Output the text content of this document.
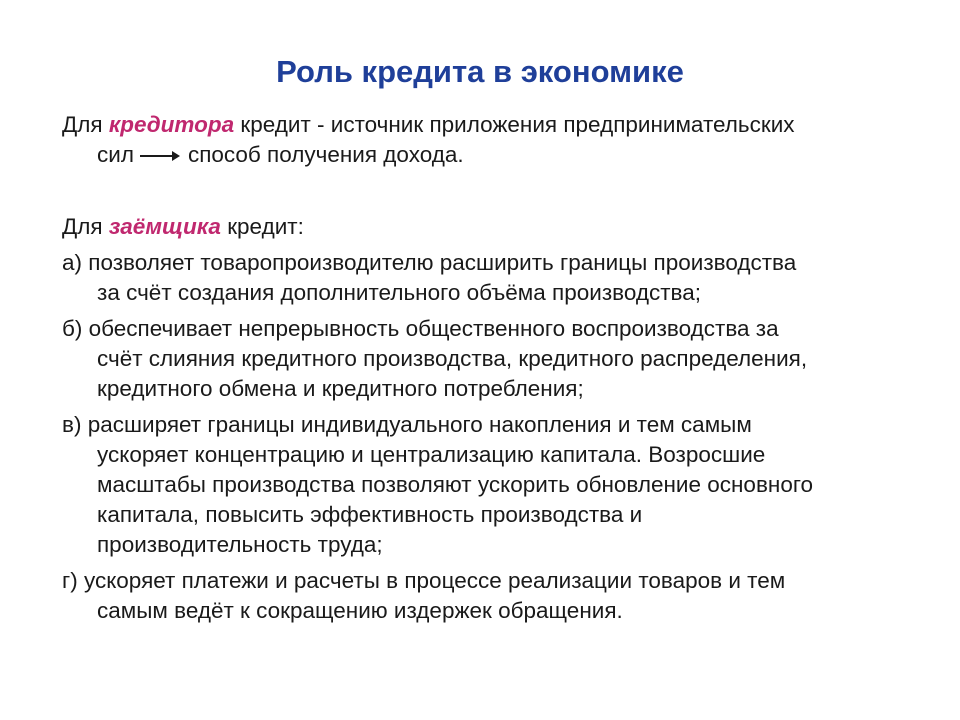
Роль кредита в экономике
Для кредитора кредит - источник приложения предпринимательских
сил способ получения дохода.
Для заёмщика кредит:
а) позволяет товаропроизводителю расширить границы производства
за счёт создания дополнительного объёма производства;
б) обеспечивает непрерывность общественного воспроизводства за
счёт слияния кредитного производства, кредитного распределения,
кредитного обмена и кредитного потребления;
в) расширяет границы индивидуального накопления и тем самым
ускоряет концентрацию и централизацию капитала. Возросшие
масштабы производства позволяют ускорить обновление основного
капитала, повысить эффективность производства и
производительность труда;
г) ускоряет платежи и расчеты в процессе реализации товаров и тем
самым ведёт к сокращению издержек обращения.
